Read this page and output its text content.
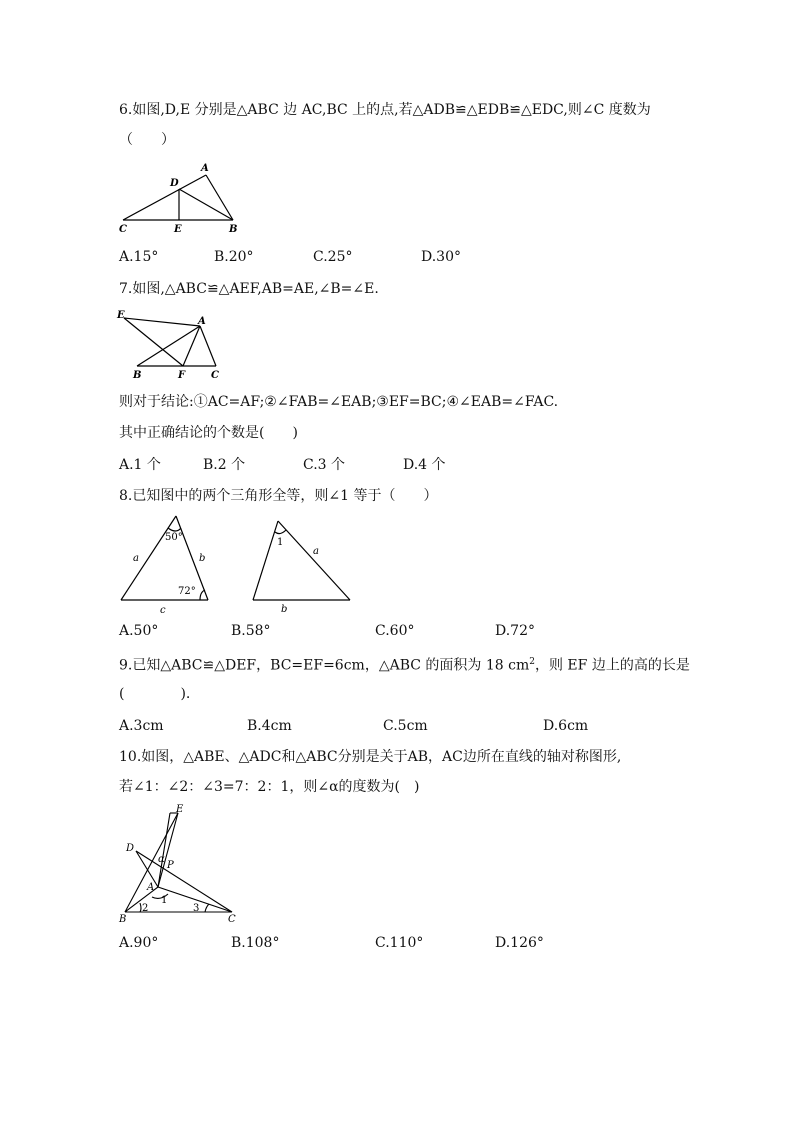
6.如图,D,E 分别是△ABC 边 AC,BC 上的点,若△ADB≌△EDB≌△EDC,则∠C 度数为
（　　）
A
D
C	E	B
A.15°	B.20°	C.25°	D.30°
7.如图,△ABC≌△AEF,AB=AE,∠B=∠E.
E
A
B	F	C
则对于结论:①AC=AF;②∠FAB=∠EAB;③EF=BC;④∠EAB=∠FAC.
其中正确结论的个数是(　　)
A.1 个	B.2 个	C.3 个	D.4 个
8.已知图中的两个三角形全等，则∠1 等于（　　）
50°
72°
a	b
c
1
a
b
A.50°	B.58°	C.60°	D.72°
9.已知△ABC≌△DEF，BC=EF=6cm，△ABC 的面积为 18 $cm^2$，则 EF 边上的高的长是
(　　　　).
A.3cm	B.4cm	C.5cm	D.6cm
10.如图，△ABE、△ADC和△ABC分别是关于AB，AC边所在直线的轴对称图形,
若∠1：∠2：∠3=7：2：1，则∠α的度数为(　)
E
D
α
P
A
1
2	3
B	C
A.90°	B.108°	C.110°	D.126°
